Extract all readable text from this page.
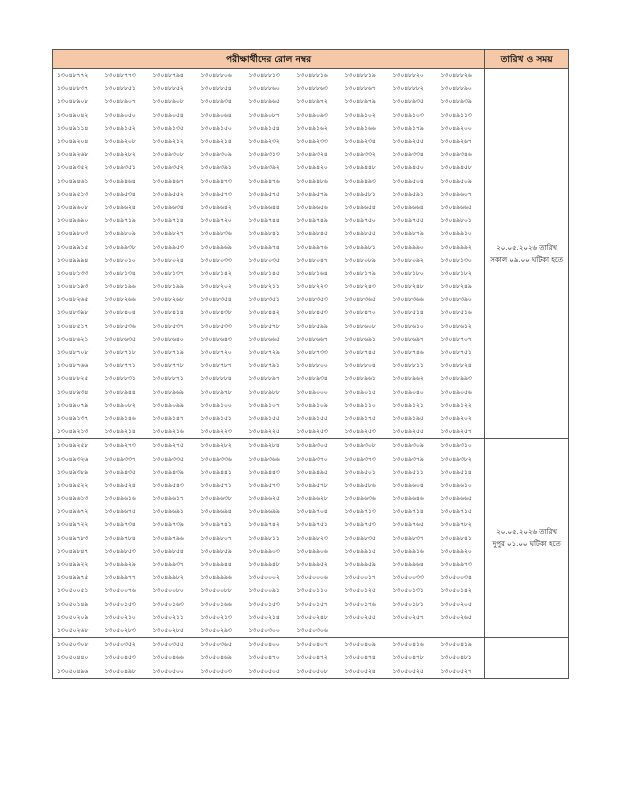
পরীক্ষার্থীদের রোল নম্বর									তারিখ ও সময়
১৩০৪৮৭৭২	১৩০৪৮৭৭৩	১৩০৪৮৭৯৪	১৩০৪৮৮০৬	১৩০৪৮৮১৩	১৩০৪৮৮১৬	১৩০৪৮৮১৯	১৩০৪৮৮২০	১৩০৪৮৮২৬	২০.০৫.২০২৬ তারিখ
সকাল ০৯.০০ ঘটিকা হতে

১৩০৪৮৮৩৭	১৩০৪৮৮৫১	১৩০৪৮৮৫২	১৩০৪৮৮৫৪	১৩০৪৮৮৬০	১৩০৪৮৮৬৩	১৩০৪৮৮৬৭	১৩০৪৮৮৮২	১৩০৪৮৮৯০	
১৩০৪৮৯০৮	১৩০৪৮৯০৭	১৩০৪৮৯০৮	১৩০৪৮৯৩৪	১৩০৪৮৯৬৫	১৩০৪৮৯৭২	১৩০৪৮৯৭৯	১৩০৪৮৯৩৫	১৩০৪৮৯৩৯	
১৩০৪৯০৪২	১৩০৪৯০৫০	১৩০৪৯০৫৪	১৩০৪৯০৬৪	১৩০৪৯০৮৭	১৩০৪৯০৯৩	১৩০৪৯১০২	১৩০৪৯১০৩	১৩০৪৯১১৩	
১৩০৪৯১১৪	১৩০৪৯১৫২	১৩০৪৯১৩৫	১৩০৪৯১৫০	১৩০৪৯১৫৪	১৩০৪৯১৬২	১৩০৪৯১৬৬	১৩০৪৯১৭৯	১৩০৪৯২০০	
১৩০৪৯২০৪	১৩০৪৯২০৮	১৩০৪৯২১২	১৩০৪৯২১৪	১৩০৪৯২৩২	১৩০৪৯২৩৩	১৩০৪৯২৩৪	১৩০৪৯২৫৫	১৩০৪৯২৬৭	
১৩০৪৯২৬৮	১৩০৪৯২৮২	১৩০৪৯৩০৮	১৩০৪৯৩০৯	১৩০৪৯৩১৩	১৩০৪৯৩২৪	১৩০৪৯৩৩২	১৩০৪৯৩৩৪	১৩০৪৯৩৪৬	
১৩০৪৯৩৫২	১৩০৪৯৩৫১	১৩০৪৯৩৫২	১৩০৪৯৩৯১	১৩০৪৯৩৯২	১৩০৪৯৪২০	১৩০৪৯৪৪৮	১৩০৪৯৪৫০	১৩০৪৯৪৫৮	
১৩০৪৯৪৬১	১৩০৪৯৪৬৪	১৩০৪৯৪৬৭	১৩০৪৯৪৭৩	১৩০৪৯৪৭৬	১৩০৪৯৪৮৬	১৩০৪৯৪৯৩	১৩০৪৯৫০৪	১৩০৪৯৫০৯	
১৩০৪৯৫১৩	১৩০৪৯৫৩৪	১৩০৪৯৫৫২	১৩০৪৯৫৭৩	১৩০৪৯৫৭৫	১৩০৪৯৫৭৯	১৩০৪৯৫৮১	১৩০৪৯৫৯১	১৩০৪৯৬০৭	
১৩০৪৯৬০৮	১৩০৪৯৬২৪	১৩০৪৯৬৩৪	১৩০৪৯৬৪২	১৩০৪৯৬৪৪	১৩০৪৯৬৫৬	১৩০৪৯৬৫৪	১৩০৪৯৬৬৪	১৩০৪৯৬৬৫	
১৩০৪৯৬৯০	১৩০৪৯৭১৯	১৩০৪৯৭১৪	১৩০৪৯৭২০	১৩০৪৯৭৪৪	১৩০৪৯৭৪৯	১৩০৪৯৭৫০	১৩০৪৯৭৫৫	১৩০৪৯৮০১	
১৩০৪৯৮০৩	১৩০৪৯৮০৯	১৩০৪৯৮২৭	১৩০৪৯৮৩৬	১৩০৪৯৮৪১	১৩০৪৯৮৪৫	১৩০৪৯৮৫৫	১৩০৪৯৮৭৯	১৩০৪৯৯১০	
১৩০৪৯৯১৫	১৩০৪৯৯৩৮	১৩০৪৯৯৫৩	১৩০৪৯৯৬৯	১৩০৪৯৯৭৪	১৩০৪৯৯৭৬	১৩০৪৯৯৮১	১৩০৪৯৯৯০	১৩০৪৯৯৯২	
১৩০৪৯৯৯৪	১৩০৪৮০১০	১৩০৪৮০২৪	১৩০৪৮০৩৩	১৩০৪৮০৩৫	১৩০৪৮০৪৭	১৩০৪৮০৮৯	১৩০৪৮০৯২	১৩০৪৮১৩০	
১৩০৪৮১৩৩	১৩০৪৮১৩৪	১৩০৪৮১৩৭	১৩০৪৮১৪২	১৩০৪৮১৪৫	১৩০৪৮১৬৪	১৩০৪৮১৭৯	১৩০৪৮১৮০	১৩০৪৮১৮২	
১৩০৪৮১৯৩	১৩০৪৮১৯৬	১৩০৪৮১৯৯	১৩০৪৮২০২	১৩০৪৮২১১	১৩০৪৮২২৩	১৩০৪৮২৪৩	১৩০৪৮২৪৮	১৩০৪৮২৪৯	
১৩০৪৮২৬৫	১৩০৪৮২৬৬	১৩০৪৮২৬৮	১৩০৪৮৩৫৪	১৩০৪৮৩৫১	১৩০৪৮৩৫৩	১৩০৪৮৩৬৫	১৩০৪৮৩৬৬	১৩০৪৮৩৯০	
১৩০৪৮৩৯৮	১৩০৪৮৪০৪	১৩০৪৮৪১৪	১৩০৪৮৪৩৮	১৩০৪৮৪৪২	১৩০৪৮৪৫৩	১৩০৪৮৪৭০	১৩০৪৮৫১৪	১৩০৪৮৫১৬	
১৩০৪৮৫১৭	১৩০৪৮৫৩৬	১৩০৪৮৫৩৭	১৩০৪৮৫৩৩	১৩০৪৮৫৭৮	১৩০৪৮৫৯৯	১৩০৪৮৬০৮	১৩০৪৮৬১০	১৩০৪৮৬১২	
১৩০৪৮৬২১	১৩০৪৮৬৩৫	১৩০৪৮৬৪০	১৩০৪৮৬৪৩	১৩০৪৮৬৬৫	১৩০৪৮৬৬৭	১৩০৪৮৬৯১	১৩০৪৮৬৯৭	১৩০৪৮৭০৭	
১৩০৪৮৭০৮	১৩০৪৮৭১৮	১৩০৪৮৭১৯	১৩০৪৮৭২০	১৩০৪৮৭২৯	১৩০৪৮৭৩৩	১৩০৪৮৭৪৫	১৩০৪৮৭৪৬	১৩০৪৮৭৫১	
১৩০৪৮৭৬৬	১৩০৪৮৭৭১	১৩০৪৮৭৭৮	১৩০৪৮৭৮৭	১৩০৪৮৭৯১	১৩০৪৮৮০০	১৩০৪৮৮০৪	১৩০৪৮৮১১	১৩০৪৮৮২৪	
১৩০৪৮৮২৫	১৩০৪৮৮৩১	১৩০৪৮৮৭১	১৩০৪৮৮৮৪	১৩০৪৮৮৯৭	১৩০৪৮৯৩৪	১৩০৪৮৯৬১	১৩০৪৮৯৬২	১৩০৪৮৯৯৩	
১৩০৪৮৯৩৪	১৩০৪৮৯৪৪	১৩০৪৮৯৬৯	১৩০৪৮৯৭৮	১৩০৪৮৯৮৮	১৩০৪৯০০০	১৩০৪৯০১৫	১৩০৪৯০৪০	১৩০৪৯০৫৬	
১৩০৪৯০৭৯	১৩০৪৯০৮২	১৩০৪৯০৯৯	১৩০৪৯১০০	১৩০৪৯১০৭	১৩০৪৯১০৯	১৩০৪৯১১০	১৩০৪৯১২১	১৩০৪৯১২২	
১৩০৪৯১৩৭	১৩০৪৯১৪৬	১৩০৪৯১৪৭	১৩০৪৯১৫১	১৩০৪৯১৫৫	১৩০৪৯১৫৫	১৩০৪৯১৭৫	১৩০৪৯১৯৫	১৩০৪৯২০২	
১৩০৪৯২১৩	১৩০৪৯২১৪	১৩০৪৯২১৬	১৩০৪৯২২৩	১৩০৪৯২২৫	১৩০৪৯২৫৩	১৩০৪৯২৫৩	১৩০৪৯২৫৫	১৩০৪৯২৫৭	
১৩০৪৯২৫৮	১৩০৪৯২৭৩	১৩০৪৯২৭৫	১৩০৪৯২৮২	১৩০৪৯২৮৪	১৩০৪৯৩০৫	১৩০৪৯৩০৮	১৩০৪৯৩০৯	১৩০৪৯৩১০	২০.০৫.২০২৬ তারিখ
দুপুর ০১.০০ ঘটিকা হতে

১৩০৪৯৩২৬	১৩০৪৯৩৩৭	১৩০৪৯৩৩৫	১৩০৪৯৩৩৬	১৩০৪৯৩৬৬	১৩০৪৯৩৭০	১৩০৪৯৩৭৩	১৩০৪৯৩৭৯	১৩০৪৯৩৮২	
১৩০৪৯৩৮৯	১৩০৪৯৪৩৫	১৩০৪৯৪৩৯	১৩০৪৯৪৪১	১৩০৪৯৪৪৩	১৩০৪৯৪৯৫	১৩০৪৯৫০১	১৩০৪৯৫১১	১৩০৪৯৫১৪	
১৩০৪৯৫২২	১৩০৪৯৫২৪	১৩০৪৯৫৪৩	১৩০৪৯৫৭১	১৩০৪৯৫৭৩	১৩০৪৯৫৭৮	১৩০৪৯৫৮৬	১৩০৪৯৬০৪	১৩০৪৯৬১০	
১৩০৪৯৬১৩	১৩০৪৯৬১৬	১৩০৪৯৬১৭	১৩০৪৯৬৩৮	১৩০৪৯৬২৫	১৩০৪৯৬২৮	১৩০৪৯৬৩৬	১৩০৪৯৬৪৬	১৩০৪৯৬৬৫	
১৩০৪৯৬৭২	১৩০৪৯৬৭৫	১৩০৪৯৬৯১	১৩০৪৯৬৯৪	১৩০৪৯৬৯৯	১৩০৪৯৭০৪	১৩০৪৯৭১৩	১৩০৪৯৭১৪	১৩০৪৯৭১৫	
১৩০৪৯৭২২	১৩০৪৯৭৩৪	১৩০৪৯৭৩৯	১৩০৪৯৭৪১	১৩০৪৯৭৪২	১৩০৪৯৭৫১	১৩০৪৯৭৫৩	১৩০৪৯৭৬৫	১৩০৪৯৭৮২	
১৩০৪৯৭৮৩	১৩০৪৯৭৮৪	১৩০৪৯৭৯৬	১৩০৪৯৮০৭	১৩০৪৯৮১১	১৩০৪৯৮২৩	১৩০৪৯৮৩৫	১৩০৪৯৮৩৭	১৩০৪৯৮৪১	
১৩০৪৯৮৪৭	১৩০৪৯৮৫৩	১৩০৪৯৮৫৪	১৩০৪৯৮৫৯	১৩০৪৯৯০৩	১৩০৪৯৯০৬	১৩০৪৯৯১৫	১৩০৪৯৯১৬	১৩০৪৯৯২০	
১৩০৪৯৯২২	১৩০৪৯৯২৯	১৩০৪৯৯৩৭	১৩০৪৯৯৪৪	১৩০৪৯৯৪৮	১৩০৪৯৯৫২	১৩০৪৯৯৫৯	১৩০৪৯৯৬৪	১৩০৪৯৯৭৩	
১৩০৪৯৯৭৫	১৩০৪৯৯৭৭	১৩০৪৯৯৮২	১৩০৪৯৯৯৬	১৩০৫০০০২	১৩০৫০০০৬	১৩০৫০০১৭	১৩০৫০০৩৩	১৩০৫০০৩৪	
১৩০৫০০৫১	১৩০৫০০৭৬	১৩০৫০০৮০	১৩০৫০০৮৮	১৩০৫০০৯১	১৩০৫০১১০	১৩০৫০১২৫	১৩০৫০১৩১	১৩০৫০১৪২	
১৩০৫০১৪৯	১৩০৫০১৫৩	১৩০৫০১৬৩	১৩০৫০১৬৬	১৩০৫০১৫৩	১৩০৫০১৫৭	১৩০৫০১৭৬	১৩০৫০১৮১	১৩০৫০২০৫	
১৩০৫০২০৯	১৩০৫০২১০	১৩০৫০২১১	১৩০৫০২১৩	১৩০৫০২১৪	১৩০৫০২৪৮	১৩০৫০২৫৫	১৩০৫০২৫৭	১৩০৫০২৬৫	
১৩০৫০২৬৮	১৩০৫০২৮৩	১৩০৫০২৮৫	১৩০৫০২৯৩	১৩০৫০৩০০	১৩০৫০৩০৬				
১৩০৫০৩০৮	১৩০৫০৩৫২	১৩০৫০৩৫৫	১৩০৫০৩৬৫	১৩০৫০৪০০	১৩০৫০৪০৭	১৩০৫০৪০৯	১৩০৫০৪১৬	১৩০৫০৪১৯	

১৩০৫০৪৪০	১৩০৫০৪৫৩	১৩০৫০৪৬৬	১৩০৫০৪৬৯	১৩০৫০৪৭০	১৩০৫০৪৭২	১৩০৫০৪৭৪	১৩০৫০৪৭৮	১৩০৫০৪৮১	
১৩০৫০৪৯৬	১৩০৫০৪৯৮	১৩০৫০৫০০	১৩০৫০৫০৩	১৩০৫০৫০৫	১৩০৫০৫০৮	১৩০৫০৫২৪	১৩০৫০৫২৫	১৩০৫০৫২৭	
